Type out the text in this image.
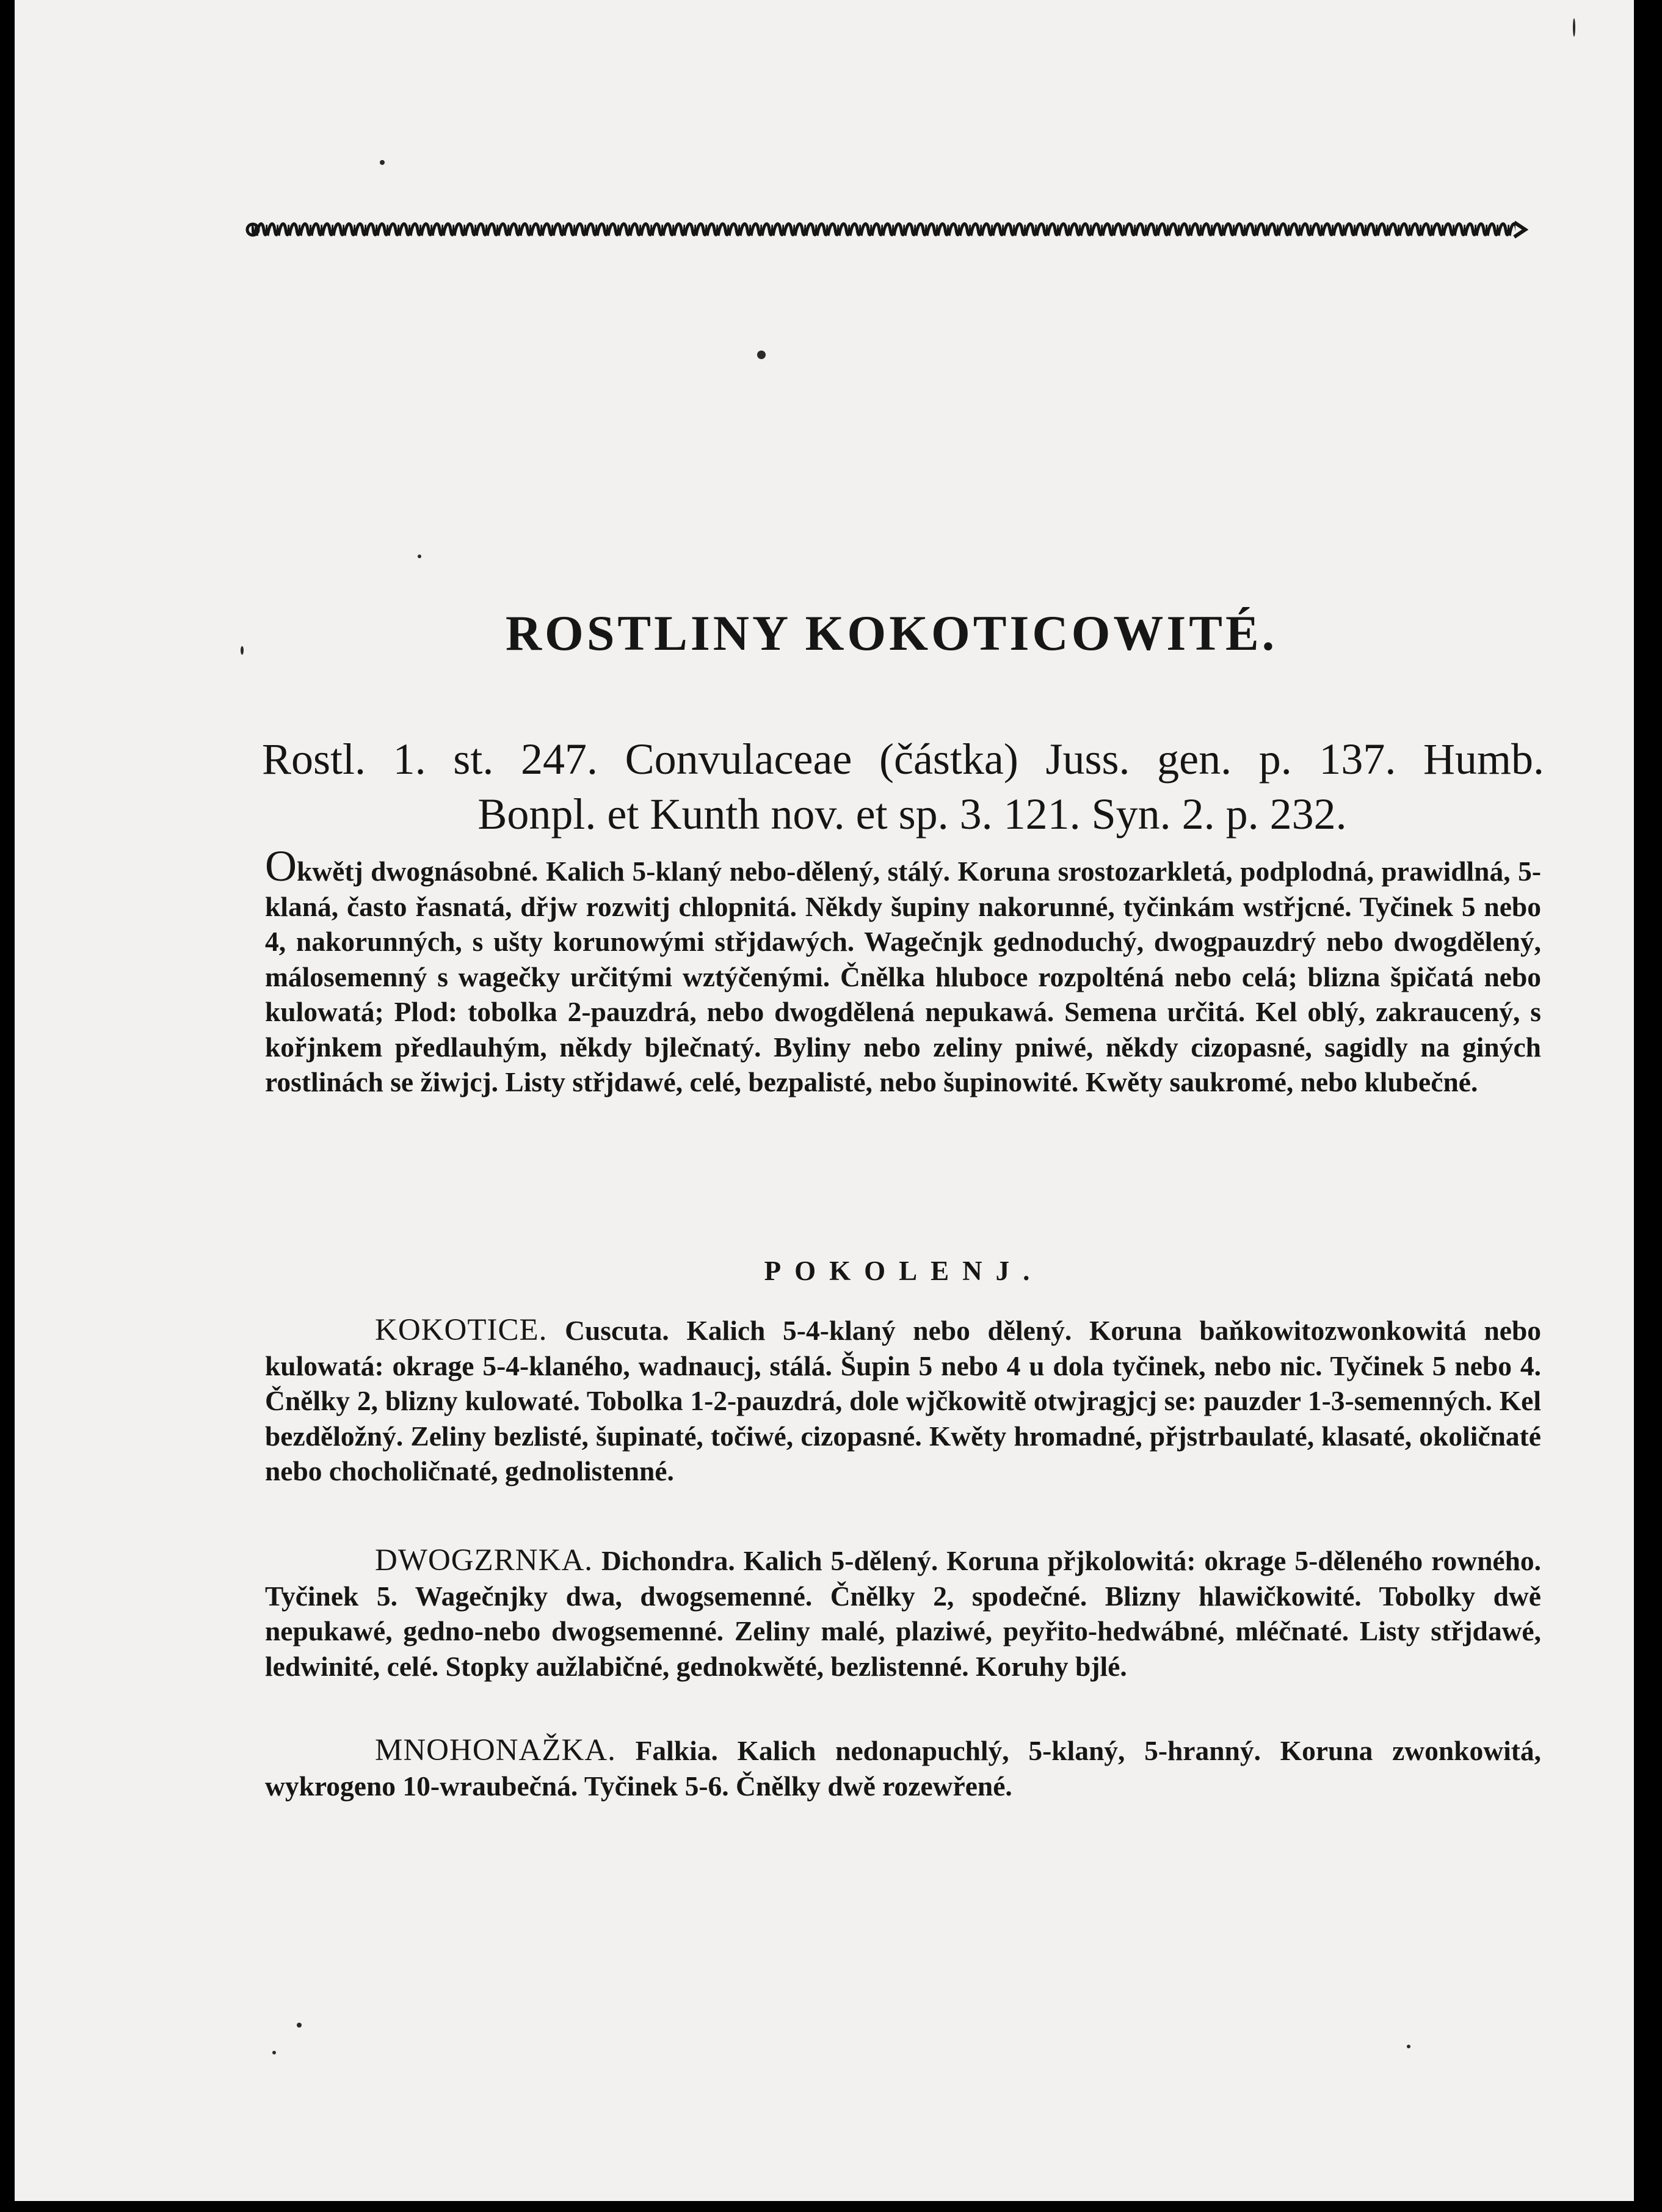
ROSTLINY KOKOTICOWITÉ.

Rostl. 1. st. 247. Convulaceae (částka) Juss. gen. p. 137. Humb.

Bonpl. et Kunth nov. et sp. 3. 121. Syn. 2. p. 232.

Okwětj dwognásobné. Kalich 5-klaný nebo-dělený, stálý. Koruna srostozarkletá, podplodná, prawidlná, 5-klaná, často řasnatá, dřjw rozwitj chlopnitá. Někdy šupiny nakorunné, tyčinkám wstřjcné. Tyčinek 5 nebo 4, nakorunných, s ušty korunowými střjdawých. Wagečnjk gednoduchý, dwogpauzdrý nebo dwogdělený, málosemenný s wagečky určitými wztýčenými. Čnělka hluboce rozpolténá nebo celá; blizna špičatá nebo kulowatá; Plod: tobolka 2-pauzdrá, nebo dwogdělená nepukawá. Semena určitá. Kel oblý, zakraucený, s kořjnkem předlauhým, někdy bjlečnatý. Byliny nebo zeliny pniwé, někdy cizopasné, sagidly na giných rostlinách se žiwjcj. Listy střjdawé, celé, bezpalisté, nebo šupinowité. Kwěty saukromé, nebo klubečné.

POKOLENJ.

KOKOTICE. Cuscuta. Kalich 5-4-klaný nebo dělený. Koruna baňkowitozwonkowitá nebo kulowatá: okrage 5-4-klaného, wadnaucj, stálá. Šupin 5 nebo 4 u dola tyčinek, nebo nic. Tyčinek 5 nebo 4. Čnělky 2, blizny kulowaté. Tobolka 1-2-pauzdrá, dole wjčkowitě otwjragjcj se: pauzder 1-3-semenných. Kel bezděložný. Zeliny bezlisté, šupinaté, točiwé, cizopasné. Kwěty hromadné, přjstrbaulaté, klasaté, okoličnaté nebo chocholičnaté, gednolistenné.

DWOGZRNKA. Dichondra. Kalich 5-dělený. Koruna přjkolowitá: okrage 5-děleného rowného. Tyčinek 5. Wagečnjky dwa, dwogsemenné. Čnělky 2, spodečné. Blizny hlawičkowité. Tobolky dwě nepukawé, gedno-nebo dwogsemenné. Zeliny malé, plaziwé, peyřito-hedwábné, mléčnaté. Listy střjdawé, ledwinité, celé. Stopky aužlabičné, gednokwěté, bezlistenné. Koruhy bjlé.

MNOHONAŽKA. Falkia. Kalich nedonapuchlý, 5-klaný, 5-hranný. Koruna zwonkowitá, wykrogeno 10-wraubečná. Tyčinek 5-6. Čnělky dwě rozewřené.
